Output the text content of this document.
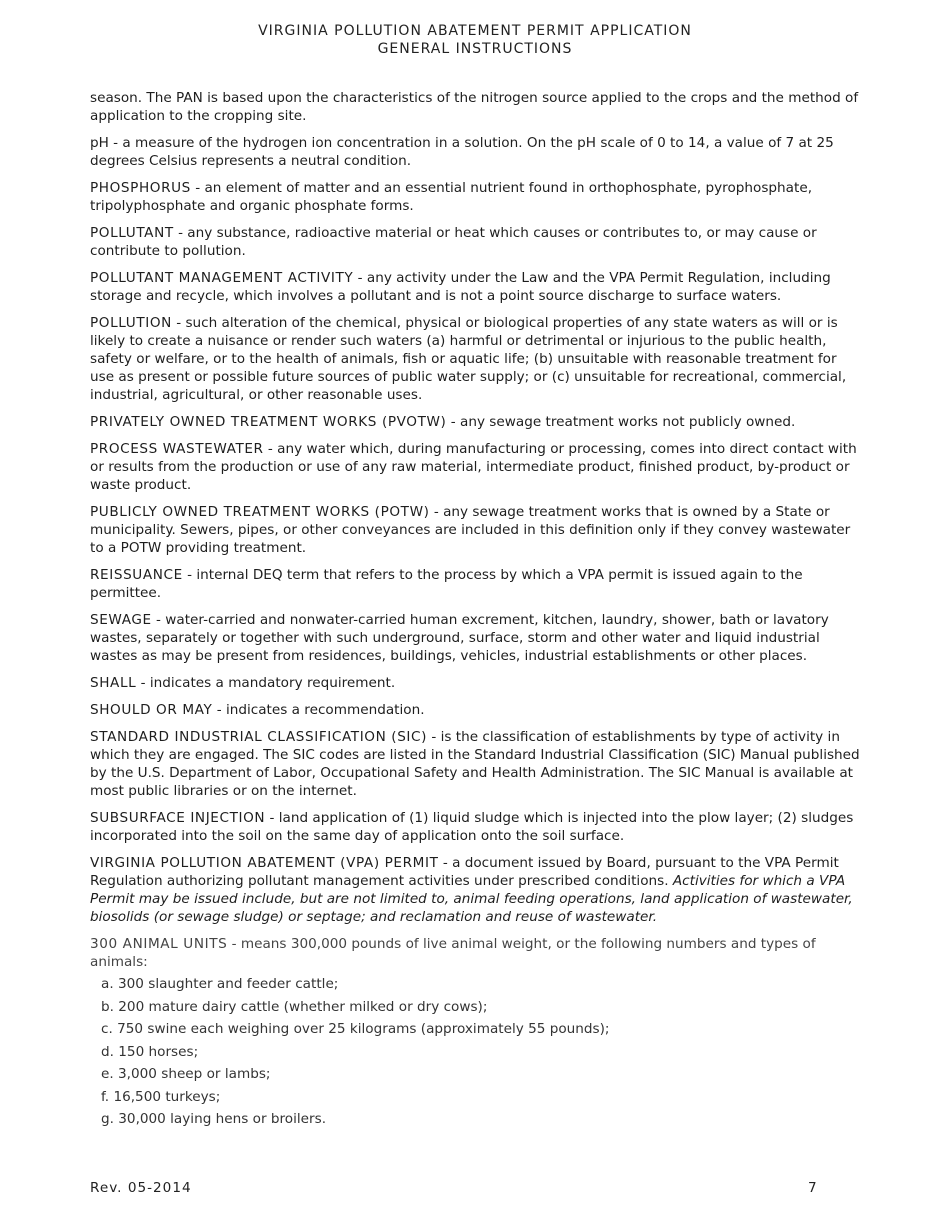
VIRGINIA POLLUTION ABATEMENT PERMIT APPLICATION
GENERAL INSTRUCTIONS

season. The PAN is based upon the characteristics of the nitrogen source applied to the crops and the method of application to the cropping site.

pH - a measure of the hydrogen ion concentration in a solution. On the pH scale of 0 to 14, a value of 7 at 25 degrees Celsius represents a neutral condition.

PHOSPHORUS - an element of matter and an essential nutrient found in orthophosphate, pyrophosphate, tripolyphosphate and organic phosphate forms.

POLLUTANT - any substance, radioactive material or heat which causes or contributes to, or may cause or contribute to pollution.

POLLUTANT MANAGEMENT ACTIVITY - any activity under the Law and the VPA Permit Regulation, including storage and recycle, which involves a pollutant and is not a point source discharge to surface waters.

POLLUTION - such alteration of the chemical, physical or biological properties of any state waters as will or is likely to create a nuisance or render such waters (a) harmful or detrimental or injurious to the public health, safety or welfare, or to the health of animals, fish or aquatic life; (b) unsuitable with reasonable treatment for use as present or possible future sources of public water supply; or (c) unsuitable for recreational, commercial, industrial, agricultural, or other reasonable uses.

PRIVATELY OWNED TREATMENT WORKS (PVOTW) - any sewage treatment works not publicly owned.

PROCESS WASTEWATER - any water which, during manufacturing or processing, comes into direct contact with or results from the production or use of any raw material, intermediate product, finished product, by-product or waste product.

PUBLICLY OWNED TREATMENT WORKS (POTW) - any sewage treatment works that is owned by a State or municipality. Sewers, pipes, or other conveyances are included in this definition only if they convey wastewater to a POTW providing treatment.

REISSUANCE - internal DEQ term that refers to the process by which a VPA permit is issued again to the permittee.

SEWAGE - water-carried and nonwater-carried human excrement, kitchen, laundry, shower, bath or lavatory wastes, separately or together with such underground, surface, storm and other water and liquid industrial wastes as may be present from residences, buildings, vehicles, industrial establishments or other places.

SHALL - indicates a mandatory requirement.

SHOULD OR MAY - indicates a recommendation.

STANDARD INDUSTRIAL CLASSIFICATION (SIC) - is the classification of establishments by type of activity in which they are engaged. The SIC codes are listed in the Standard Industrial Classification (SIC) Manual published by the U.S. Department of Labor, Occupational Safety and Health Administration. The SIC Manual is available at most public libraries or on the internet.

SUBSURFACE INJECTION - land application of (1) liquid sludge which is injected into the plow layer; (2) sludges incorporated into the soil on the same day of application onto the soil surface.

VIRGINIA POLLUTION ABATEMENT (VPA) PERMIT - a document issued by Board, pursuant to the VPA Permit Regulation authorizing pollutant management activities under prescribed conditions. Activities for which a VPA Permit may be issued include, but are not limited to, animal feeding operations, land application of wastewater, biosolids (or sewage sludge) or septage; and reclamation and reuse of wastewater.

300 ANIMAL UNITS - means 300,000 pounds of live animal weight, or the following numbers and types of animals:

a. 300 slaughter and feeder cattle;
b. 200 mature dairy cattle (whether milked or dry cows);
c. 750 swine each weighing over 25 kilograms (approximately 55 pounds);
d. 150 horses;
e. 3,000 sheep or lambs;
f. 16,500 turkeys;
g. 30,000 laying hens or broilers.
Rev. 05-2014	7
